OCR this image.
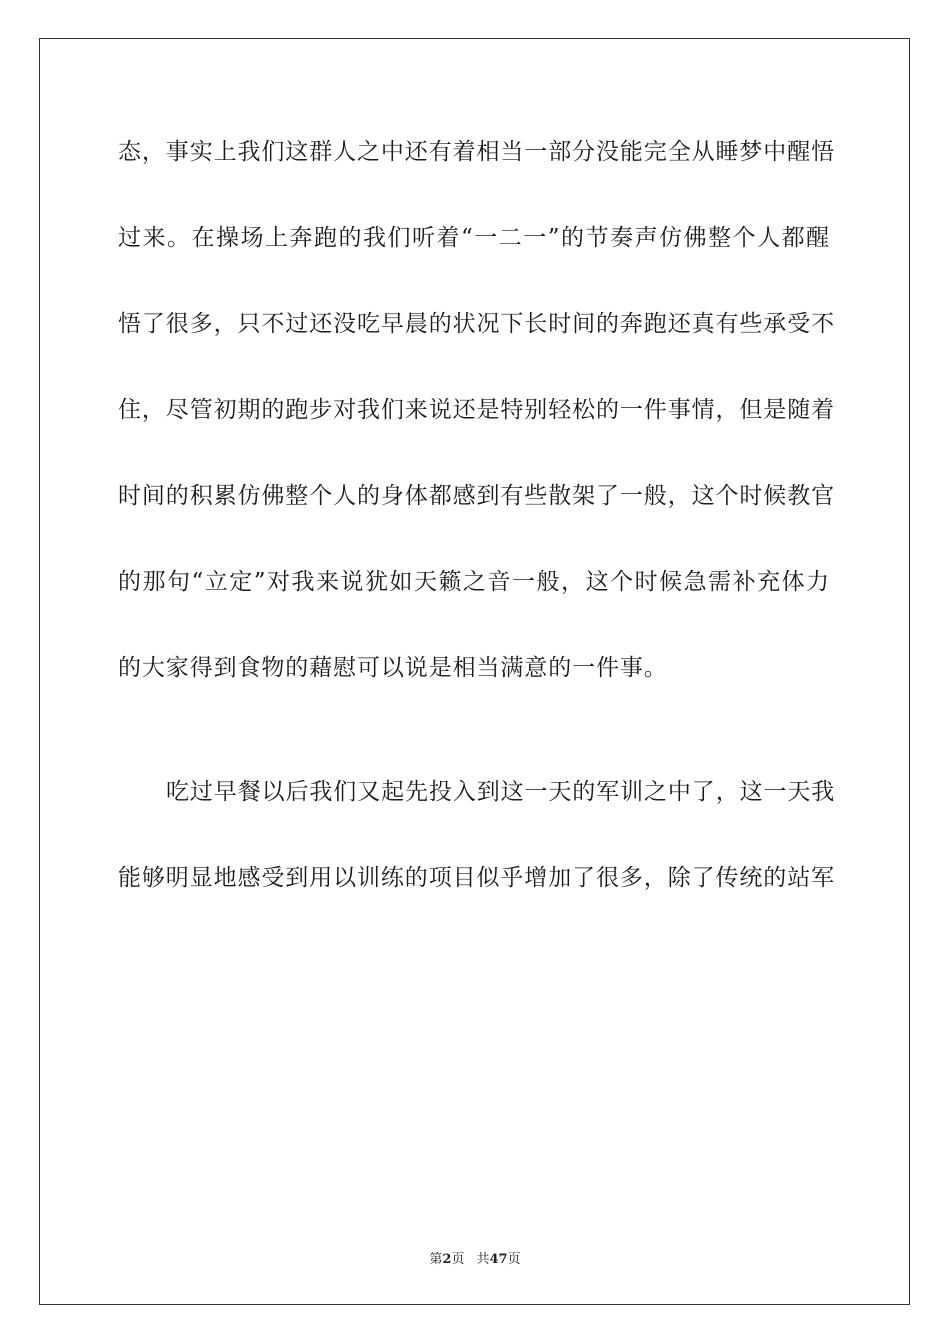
态，事实上我们这群人之中还有着相当一部分没能完全从睡梦中醒悟
过来。在操场上奔跑的我们听着“一二一”的节奏声仿佛整个人都醒
悟了很多，只不过还没吃早晨的状况下长时间的奔跑还真有些承受不
住，尽管初期的跑步对我们来说还是特别轻松的一件事情，但是随着
时间的积累仿佛整个人的身体都感到有些散架了一般，这个时候教官
的那句“立定”对我来说犹如天籁之音一般，这个时候急需补充体力
的大家得到食物的藉慰可以说是相当满意的一件事。
吃过早餐以后我们又起先投入到这一天的军训之中了，这一天我
能够明显地感受到用以训练的项目似乎增加了很多，除了传统的站军
第2页 共47页
